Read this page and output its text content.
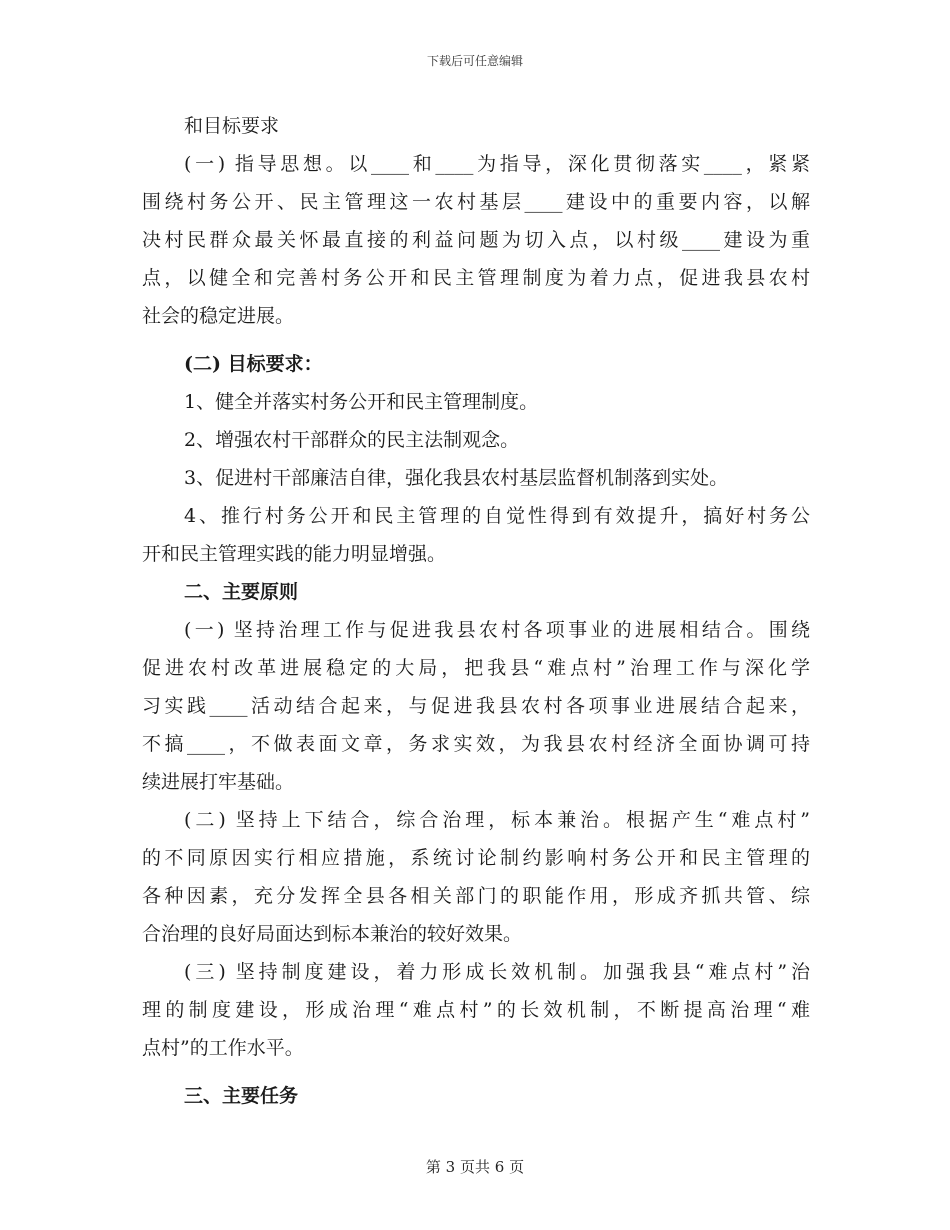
下载后可任意编辑
和目标要求
(一) 指导思想。以____和____为指导，深化贯彻落实____，紧紧
围绕村务公开、民主管理这一农村基层____建设中的重要内容，以解
决村民群众最关怀最直接的利益问题为切入点，以村级____建设为重
点，以健全和完善村务公开和民主管理制度为着力点，促进我县农村
社会的稳定进展。
(二) 目标要求：
1、健全并落实村务公开和民主管理制度。
2、增强农村干部群众的民主法制观念。
3、促进村干部廉洁自律，强化我县农村基层监督机制落到实处。
4、推行村务公开和民主管理的自觉性得到有效提升，搞好村务公
开和民主管理实践的能力明显增强。
二、主要原则
(一) 坚持治理工作与促进我县农村各项事业的进展相结合。围绕
促进农村改革进展稳定的大局，把我县“难点村”治理工作与深化学
习实践____活动结合起来，与促进我县农村各项事业进展结合起来，
不搞____，不做表面文章，务求实效，为我县农村经济全面协调可持
续进展打牢基础。
(二) 坚持上下结合，综合治理，标本兼治。根据产生“难点村”
的不同原因实行相应措施，系统讨论制约影响村务公开和民主管理的
各种因素，充分发挥全县各相关部门的职能作用，形成齐抓共管、综
合治理的良好局面达到标本兼治的较好效果。
(三) 坚持制度建设，着力形成长效机制。加强我县“难点村”治
理的制度建设，形成治理“难点村”的长效机制，不断提高治理“难
点村”的工作水平。
三、主要任务
第 3 页共 6 页
